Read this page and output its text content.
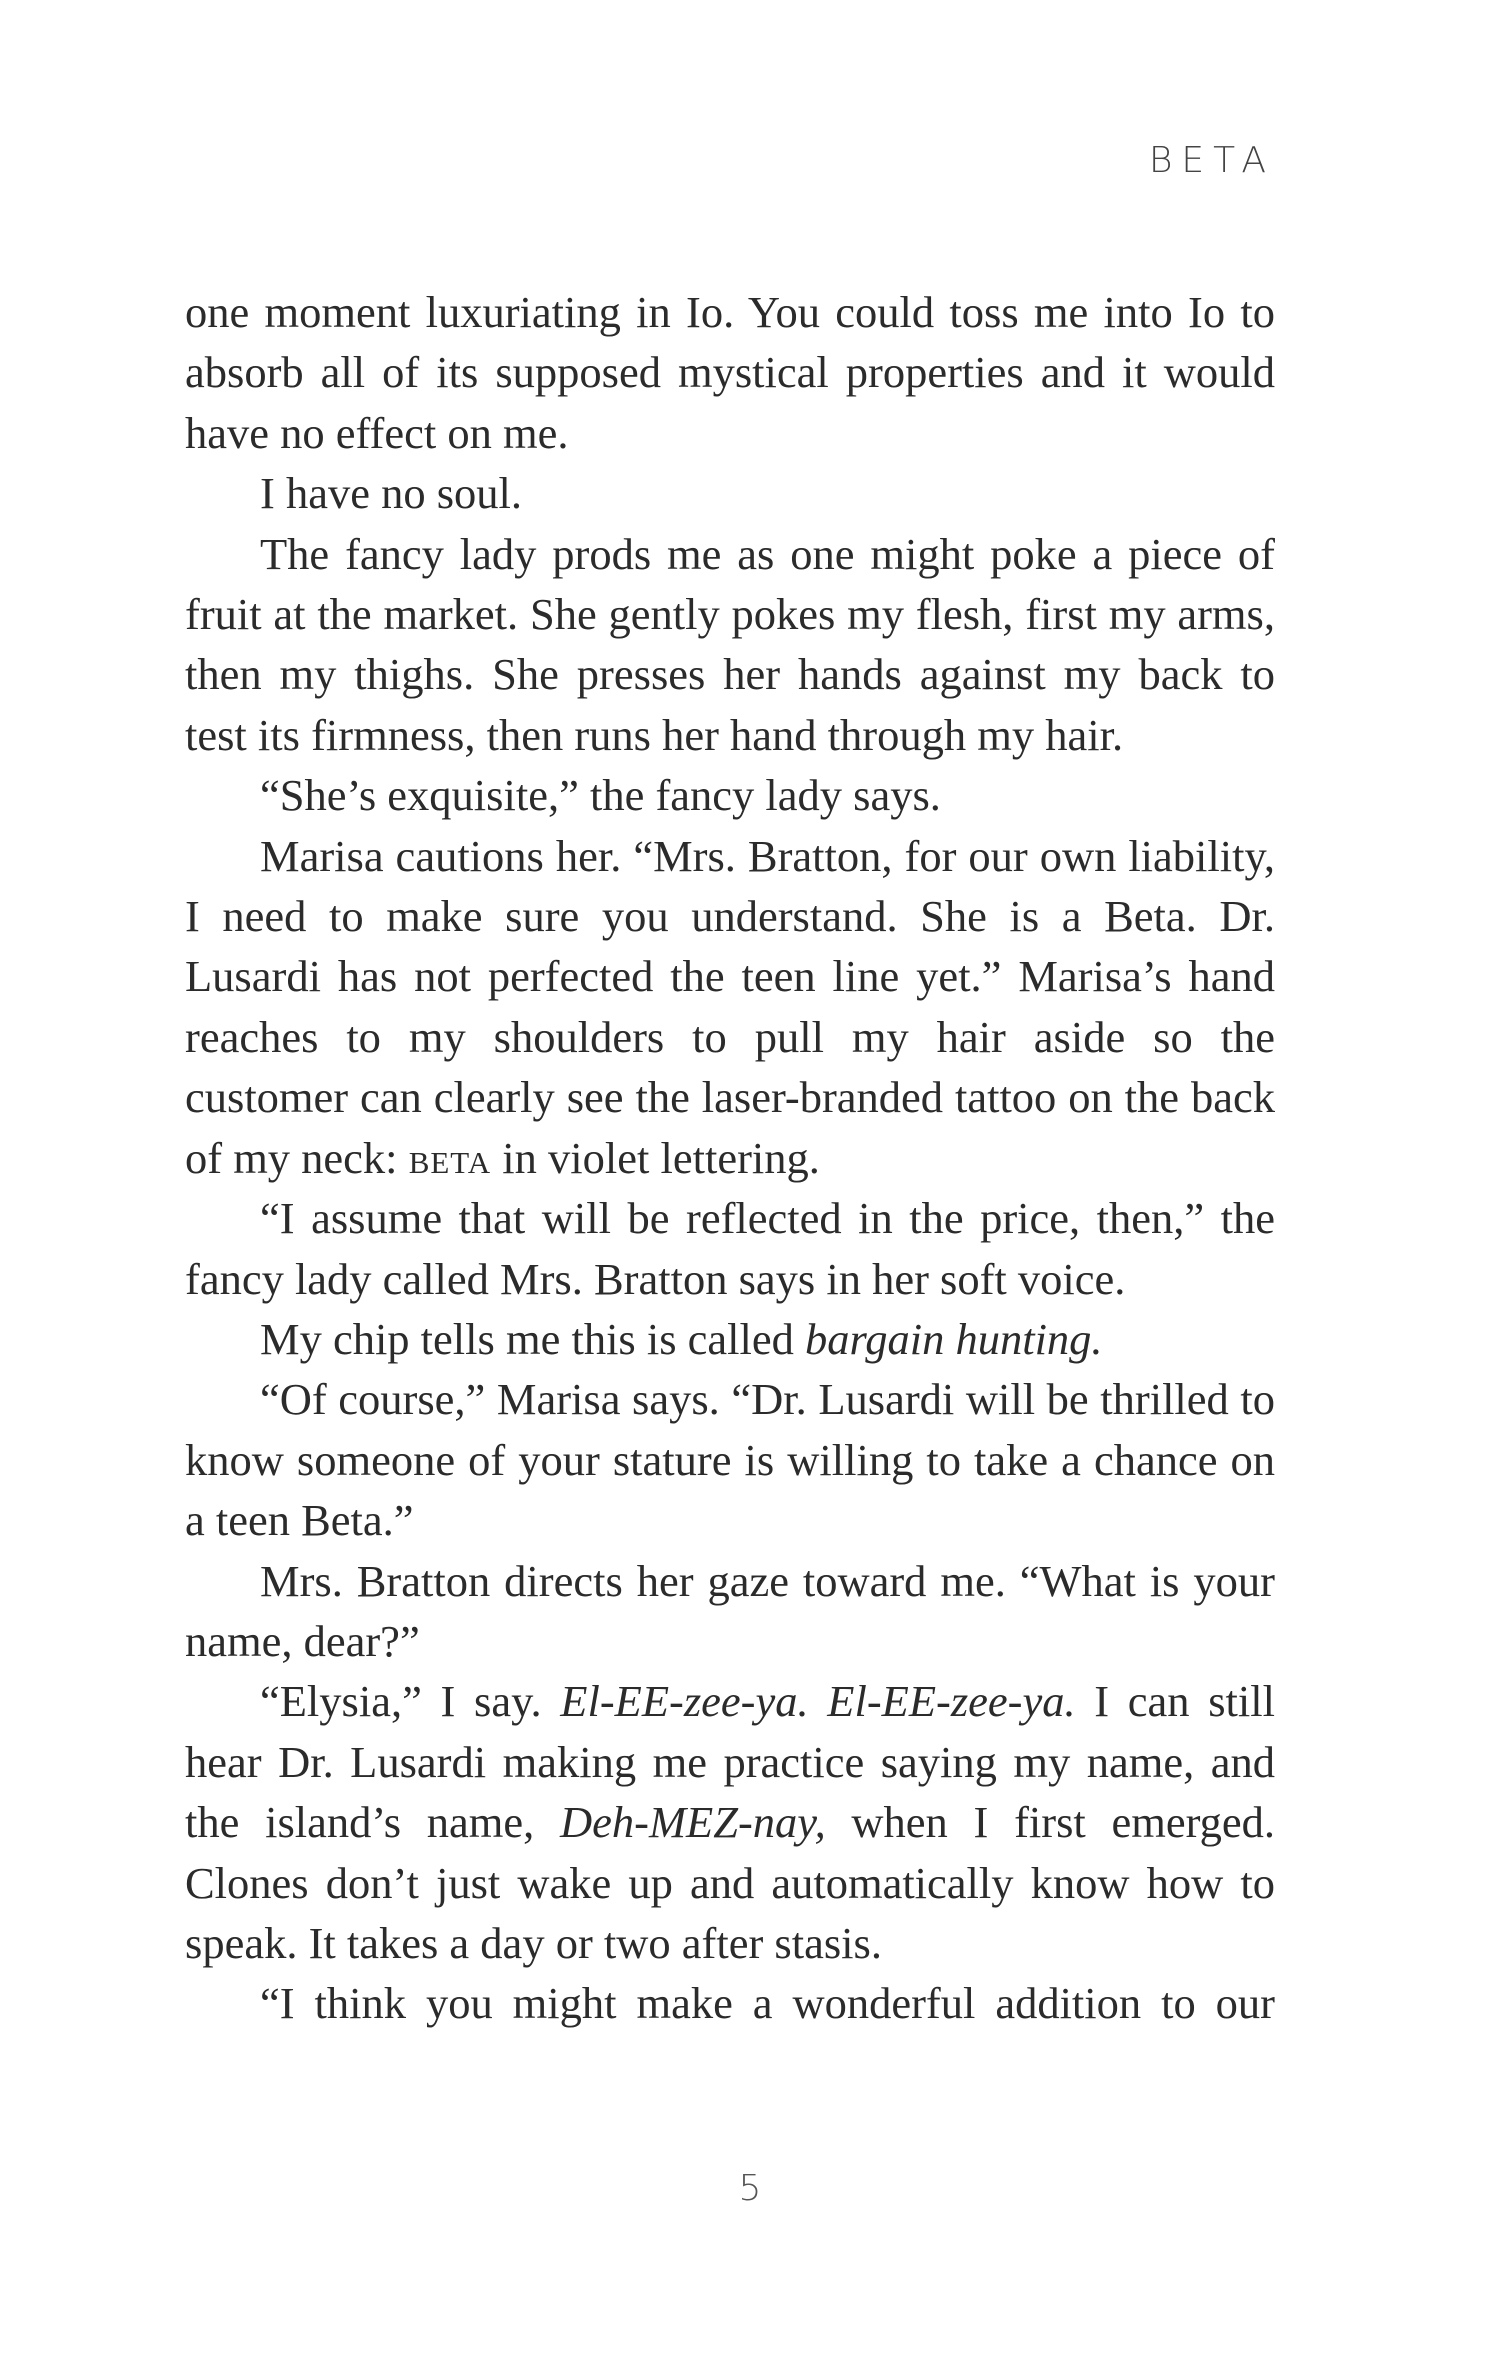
BETA

one moment luxuriating in Io. You could toss me into Io to absorb all of its supposed mystical properties and it would have no effect on me.

I have no soul.

The fancy lady prods me as one might poke a piece of fruit at the market. She gently pokes my flesh, first my arms, then my thighs. She presses her hands against my back to test its firmness, then runs her hand through my hair.

“She’s exquisite,” the fancy lady says.

Marisa cautions her. “Mrs. Bratton, for our own liability, I need to make sure you understand. She is a Beta. Dr. Lusardi has not perfected the teen line yet.” Marisa’s hand reaches to my shoulders to pull my hair aside so the customer can clearly see the laser-branded tattoo on the back of my neck: beta in violet lettering.

“I assume that will be reflected in the price, then,” the fancy lady called Mrs. Bratton says in her soft voice.

My chip tells me this is called bargain hunting.

“Of course,” Marisa says. “Dr. Lusardi will be thrilled to know someone of your stature is willing to take a chance on a teen Beta.”

Mrs. Bratton directs her gaze toward me. “What is your name, dear?”

“Elysia,” I say. El-EE-zee-ya. El-EE-zee-ya. I can still hear Dr. Lusardi making me practice saying my name, and the island’s name, Deh-MEZ-nay, when I first emerged. Clones don’t just wake up and automatically know how to speak. It takes a day or two after stasis.

“I think you might make a wonderful addition to our

5
